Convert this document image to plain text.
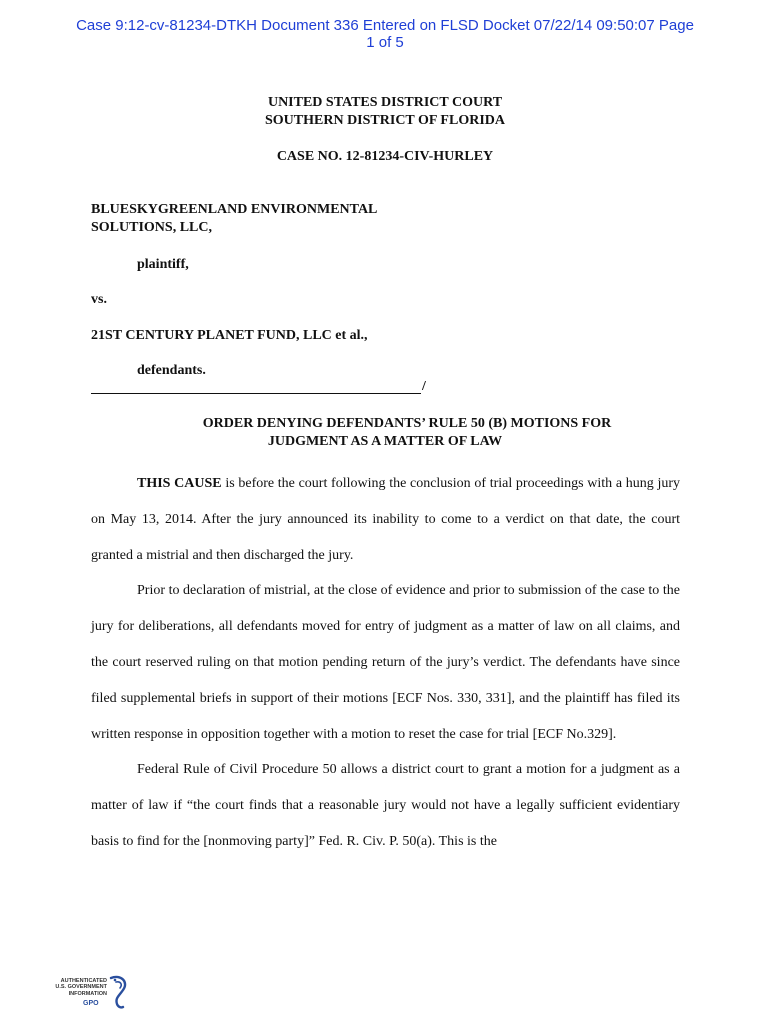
Case 9:12-cv-81234-DTKH Document 336 Entered on FLSD Docket 07/22/14 09:50:07 Page
1 of 5
UNITED STATES DISTRICT COURT
SOUTHERN DISTRICT OF FLORIDA
CASE NO. 12-81234-CIV-HURLEY
BLUESKYGREENLAND ENVIRONMENTAL
SOLUTIONS, LLC,
plaintiff,
vs.
21ST CENTURY PLANET FUND, LLC et al.,
defendants.
/
ORDER DENYING DEFENDANTS’ RULE 50 (B) MOTIONS FOR
JUDGMENT AS A MATTER OF LAW

THIS CAUSE is before the court following the conclusion of trial proceedings with a hung jury on May 13, 2014. After the jury announced its inability to come to a verdict on that date, the court granted a mistrial and then discharged the jury.

Prior to declaration of mistrial, at the close of evidence and prior to submission of the case to the jury for deliberations, all defendants moved for entry of judgment as a matter of law on all claims, and the court reserved ruling on that motion pending return of the jury’s verdict. The defendants have since filed supplemental briefs in support of their motions [ECF Nos. 330, 331], and the plaintiff has filed its written response in opposition together with a motion to reset the case for trial [ECF No.329].

Federal Rule of Civil Procedure 50 allows a district court to grant a motion for a judgment as a matter of law if “the court finds that a reasonable jury would not have a legally sufficient evidentiary basis to find for the [nonmoving party]” Fed. R. Civ. P. 50(a). This is the

AUTHENTICATED
U.S. GOVERNMENT
INFORMATION
GPO
